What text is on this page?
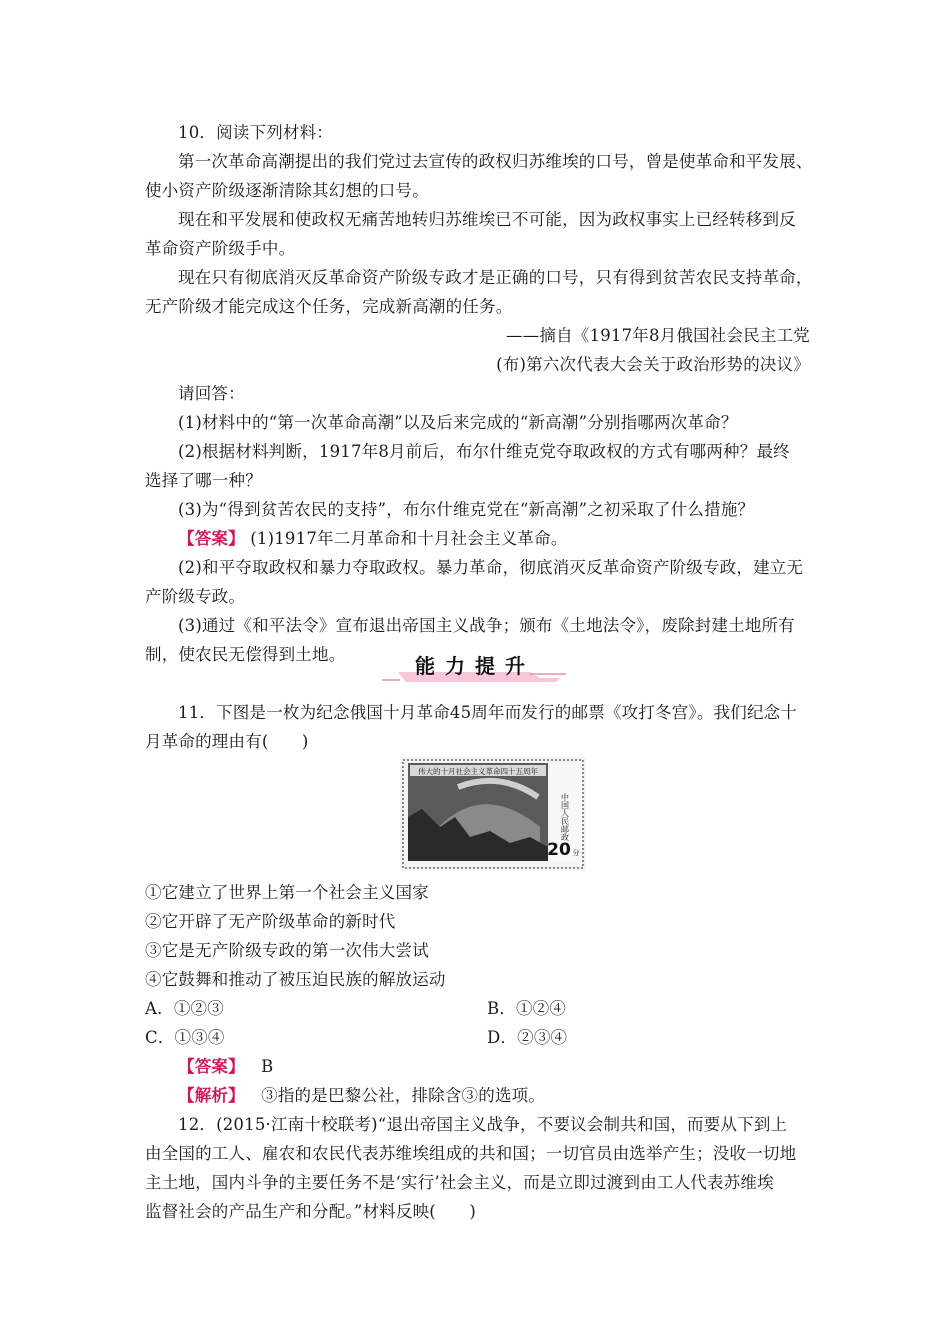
10．阅读下列材料：
第一次革命高潮提出的我们党过去宣传的政权归苏维埃的口号，曾是使革命和平发展、
使小资产阶级逐渐清除其幻想的口号。
现在和平发展和使政权无痛苦地转归苏维埃已不可能，因为政权事实上已经转移到反
革命资产阶级手中。
现在只有彻底消灭反革命资产阶级专政才是正确的口号，只有得到贫苦农民支持革命，
无产阶级才能完成这个任务，完成新高潮的任务。
——摘自《1917年8月俄国社会民主工党
(布)第六次代表大会关于政治形势的决议》
请回答：
(1)材料中的“第一次革命高潮”以及后来完成的“新高潮”分别指哪两次革命？
(2)根据材料判断，1917年8月前后，布尔什维克党夺取政权的方式有哪两种？最终
选择了哪一种？
(3)为“得到贫苦农民的支持”，布尔什维克党在“新高潮”之初采取了什么措施？
【答案】 (1)1917年二月革命和十月社会主义革命。
(2)和平夺取政权和暴力夺取政权。暴力革命，彻底消灭反革命资产阶级专政，建立无
产阶级专政。
(3)通过《和平法令》宣布退出帝国主义战争；颁布《土地法令》，废除封建土地所有
制，使农民无偿得到土地。	能力提升
11．下图是一枚为纪念俄国十月革命45周年而发行的邮票《攻打冬宫》。我们纪念十
月革命的理由有(　　)
伟大的十月社会主义革命四十五周年
中国人民邮政
20 分
①它建立了世界上第一个社会主义国家
②它开辟了无产阶级革命的新时代
③它是无产阶级专政的第一次伟大尝试
④它鼓舞和推动了被压迫民族的解放运动
A．①②③	B．①②④
C．①③④	D．②③④
【答案】 B
【解析】 ③指的是巴黎公社，排除含③的选项。
12．(2015·江南十校联考)“退出帝国主义战争，不要议会制共和国，而要从下到上
由全国的工人、雇农和农民代表苏维埃组成的共和国；一切官员由选举产生；没收一切地
主土地，国内斗争的主要任务不是‘实行’社会主义，而是立即过渡到由工人代表苏维埃
监督社会的产品生产和分配。”材料反映(　　)
